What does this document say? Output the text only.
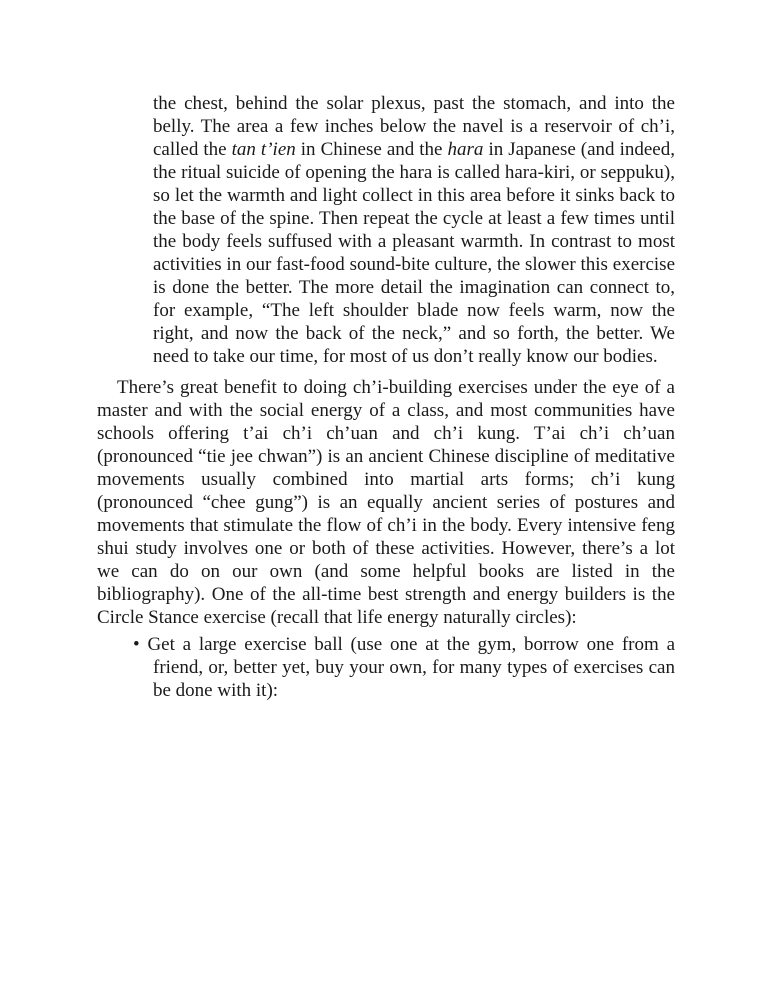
the chest, behind the solar plexus, past the stomach, and into the belly. The area a few inches below the navel is a reservoir of ch’i, called the tan t’ien in Chinese and the hara in Japanese (and indeed, the ritual suicide of opening the hara is called hara-kiri, or seppuku), so let the warmth and light collect in this area before it sinks back to the base of the spine. Then repeat the cycle at least a few times until the body feels suffused with a pleasant warmth. In contrast to most activities in our fast-food sound-bite culture, the slower this exercise is done the better. The more detail the imagination can connect to, for example, “The left shoulder blade now feels warm, now the right, and now the back of the neck,” and so forth, the better. We need to take our time, for most of us don’t really know our bodies.

There’s great benefit to doing ch’i-building exercises under the eye of a master and with the social energy of a class, and most communities have schools offering t’ai ch’i ch’uan and ch’i kung. T’ai ch’i ch’uan (pronounced “tie jee chwan”) is an ancient Chinese discipline of meditative movements usually combined into martial arts forms; ch’i kung (pronounced “chee gung”) is an equally ancient series of postures and movements that stimulate the flow of ch’i in the body. Every intensive feng shui study involves one or both of these activities. However, there’s a lot we can do on our own (and some helpful books are listed in the bibliography). One of the all-time best strength and energy builders is the Circle Stance exercise (recall that life energy naturally circles):

• Get a large exercise ball (use one at the gym, borrow one from a friend, or, better yet, buy your own, for many types of exercises can be done with it):
